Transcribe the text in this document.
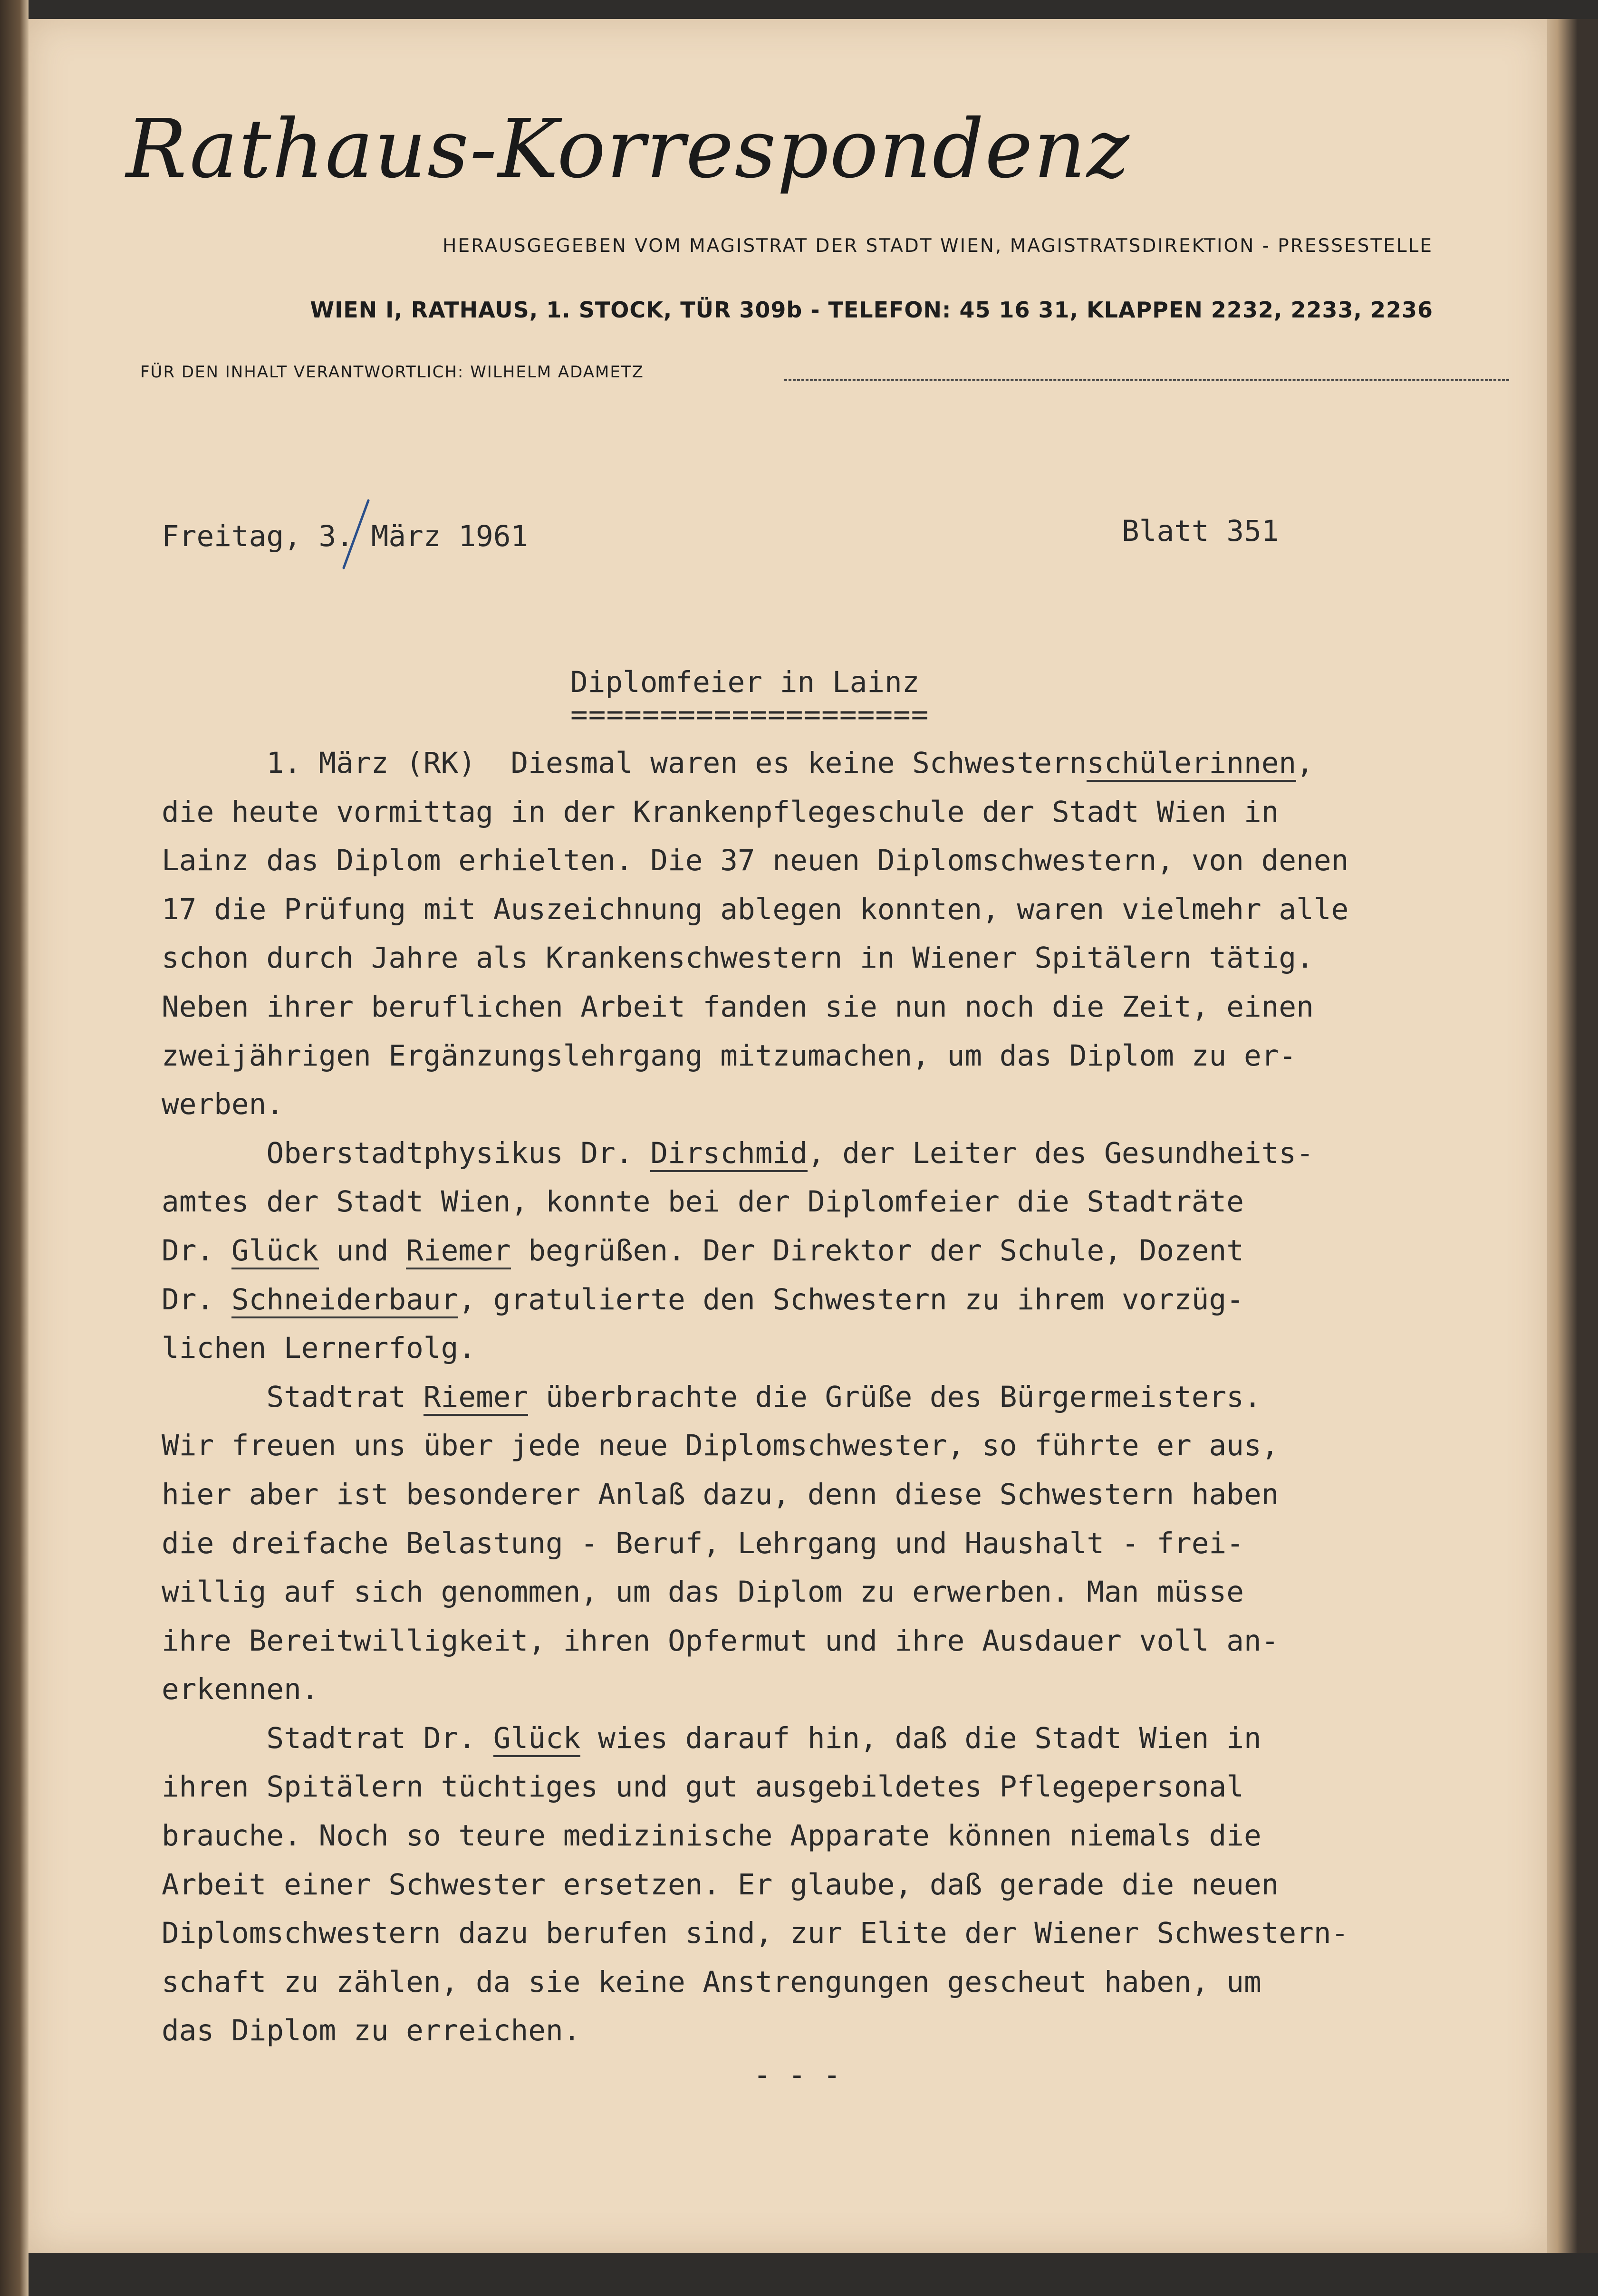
Rathaus-Korrespondenz
HERAUSGEGEBEN VOM MAGISTRAT DER STADT WIEN, MAGISTRATSDIREKTION - PRESSESTELLE
WIEN I, RATHAUS, 1. STOCK, TÜR 309b - TELEFON: 45 16 31, KLAPPEN 2232, 2233, 2236
FÜR DEN INHALT VERANTWORTLICH: WILHELM ADAMETZ
Freitag, 3. März 1961	Blatt 351
Diplomfeier in Lainz
====================
1. März (RK)  Diesmal waren es keine Schwesternschülerinnen,
die heute vormittag in der Krankenpflegeschule der Stadt Wien in
Lainz das Diplom erhielten. Die 37 neuen Diplomschwestern, von denen
17 die Prüfung mit Auszeichnung ablegen konnten, waren vielmehr alle
schon durch Jahre als Krankenschwestern in Wiener Spitälern tätig.
Neben ihrer beruflichen Arbeit fanden sie nun noch die Zeit, einen
zweijährigen Ergänzungslehrgang mitzumachen, um das Diplom zu er-
werben.
Oberstadtphysikus Dr. Dirschmid, der Leiter des Gesundheits-
amtes der Stadt Wien, konnte bei der Diplomfeier die Stadträte
Dr. Glück und Riemer begrüßen. Der Direktor der Schule, Dozent
Dr. Schneiderbaur, gratulierte den Schwestern zu ihrem vorzüg-
lichen Lernerfolg.
Stadtrat Riemer überbrachte die Grüße des Bürgermeisters.
Wir freuen uns über jede neue Diplomschwester, so führte er aus,
hier aber ist besonderer Anlaß dazu, denn diese Schwestern haben
die dreifache Belastung - Beruf, Lehrgang und Haushalt - frei-
willig auf sich genommen, um das Diplom zu erwerben. Man müsse
ihre Bereitwilligkeit, ihren Opfermut und ihre Ausdauer voll an-
erkennen.
Stadtrat Dr. Glück wies darauf hin, daß die Stadt Wien in
ihren Spitälern tüchtiges und gut ausgebildetes Pflegepersonal
brauche. Noch so teure medizinische Apparate können niemals die
Arbeit einer Schwester ersetzen. Er glaube, daß gerade die neuen
Diplomschwestern dazu berufen sind, zur Elite der Wiener Schwestern-
schaft zu zählen, da sie keine Anstrengungen gescheut haben, um
das Diplom zu erreichen.
- - -
